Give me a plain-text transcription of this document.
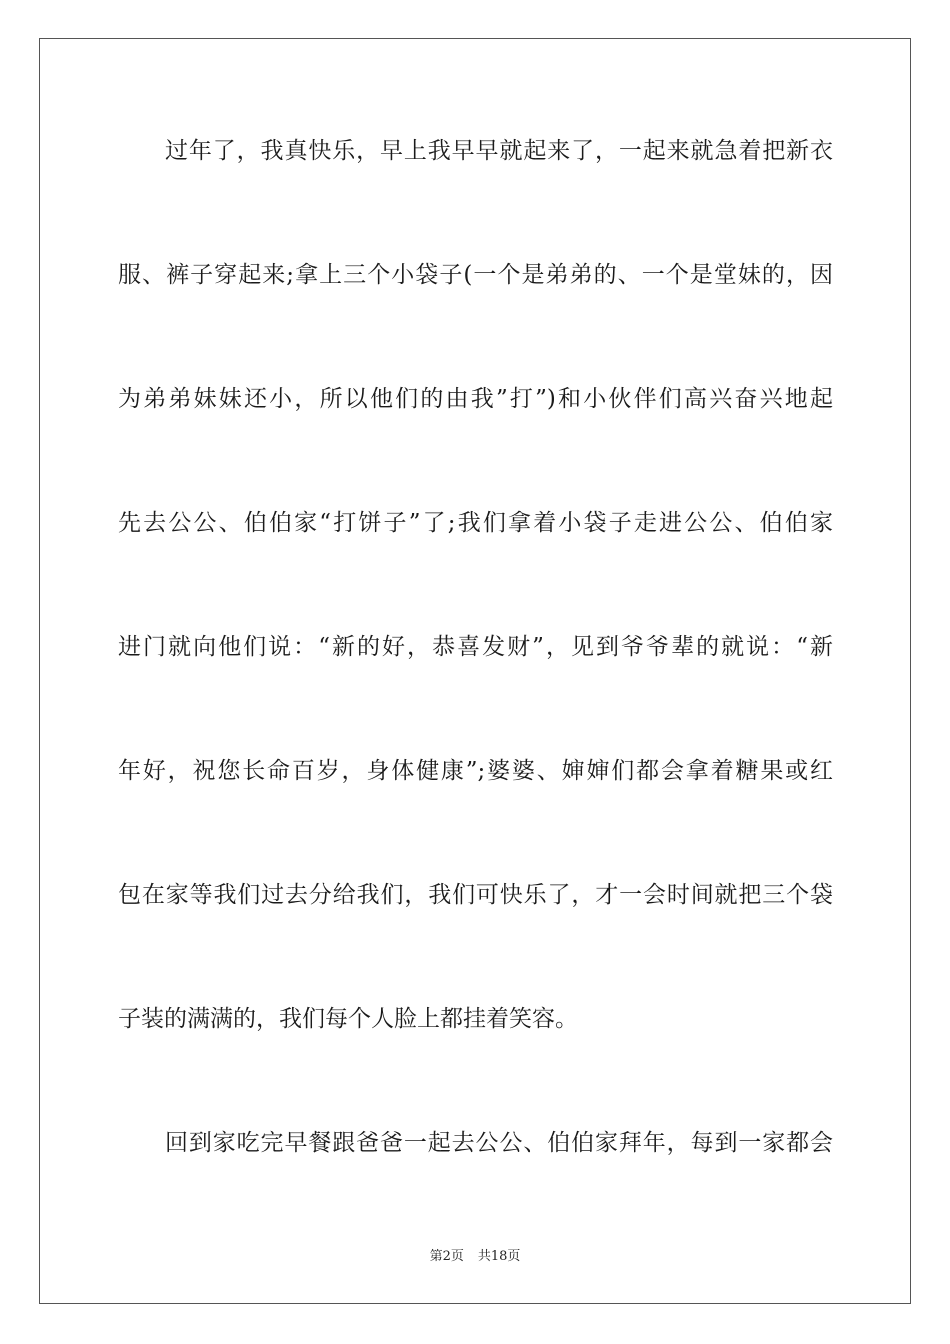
过年了，我真快乐，早上我早早就起来了，一起来就急着把新衣
服、裤子穿起来;拿上三个小袋子(一个是弟弟的、一个是堂妹的，因
为弟弟妹妹还小，所以他们的由我”打”)和小伙伴们高兴奋兴地起
先去公公、伯伯家“打饼子”了;我们拿着小袋子走进公公、伯伯家
进门就向他们说：“新的好，恭喜发财”，见到爷爷辈的就说：“新
年好，祝您长命百岁，身体健康”;婆婆、婶婶们都会拿着糖果或红
包在家等我们过去分给我们，我们可快乐了，才一会时间就把三个袋
子装的满满的，我们每个人脸上都挂着笑容。
回到家吃完早餐跟爸爸一起去公公、伯伯家拜年，每到一家都会
第2页 共18页
